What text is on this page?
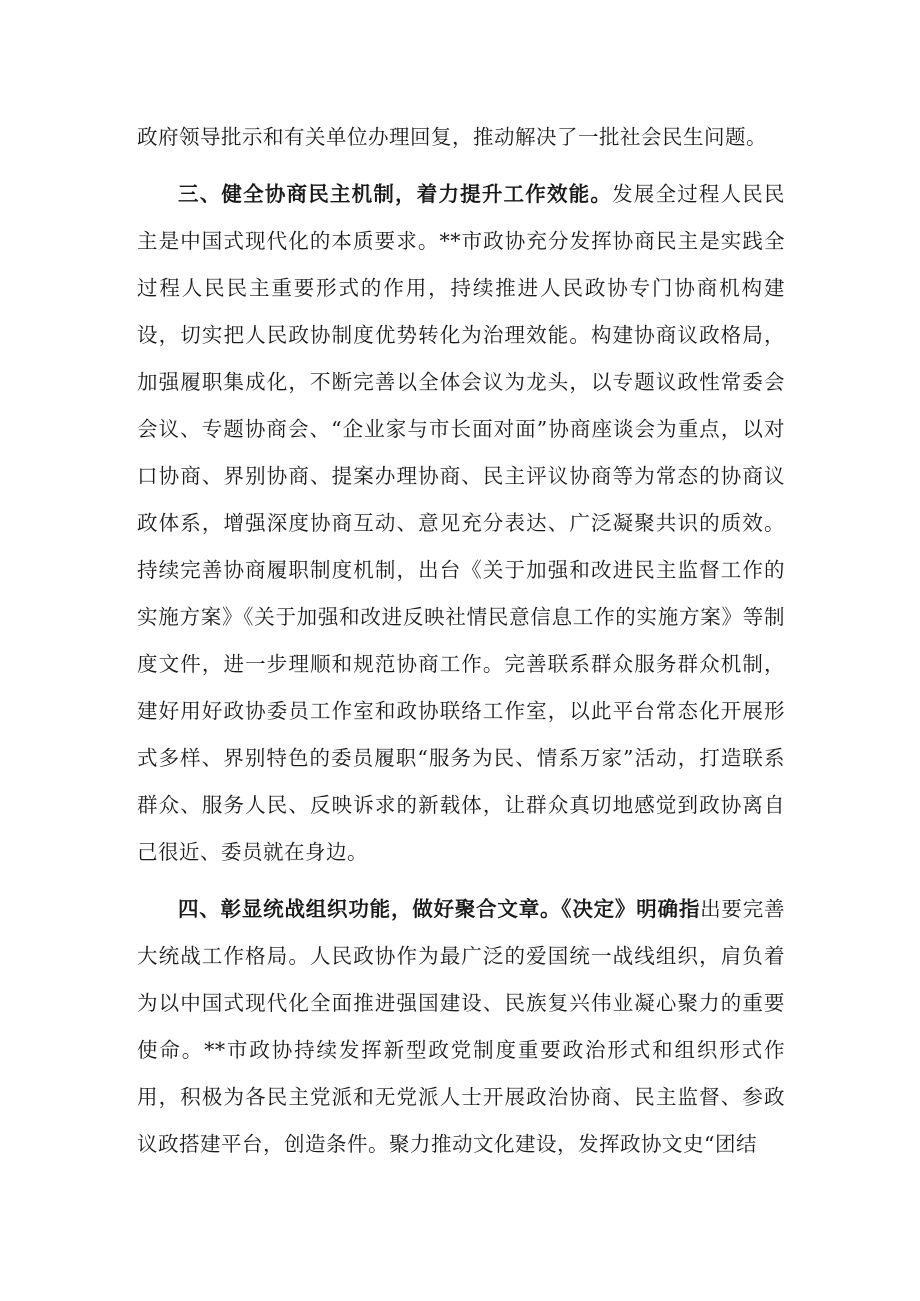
政府领导批示和有关单位办理回复，推动解决了一批社会民生问题。

三、健全协商民主机制，着力提升工作效能。发展全过程人民民主是中国式现代化的本质要求。**市政协充分发挥协商民主是实践全过程人民民主重要形式的作用，持续推进人民政协专门协商机构建设，切实把人民政协制度优势转化为治理效能。构建协商议政格局，加强履职集成化，不断完善以全体会议为龙头，以专题议政性常委会会议、专题协商会、“企业家与市长面对面”协商座谈会为重点，以对口协商、界别协商、提案办理协商、民主评议协商等为常态的协商议政体系，增强深度协商互动、意见充分表达、广泛凝聚共识的质效。持续完善协商履职制度机制，出台《关于加强和改进民主监督工作的实施方案》《关于加强和改进反映社情民意信息工作的实施方案》等制度文件，进一步理顺和规范协商工作。完善联系群众服务群众机制，建好用好政协委员工作室和政协联络工作室，以此平台常态化开展形式多样、界别特色的委员履职“服务为民、情系万家”活动，打造联系群众、服务人民、反映诉求的新载体，让群众真切地感觉到政协离自己很近、委员就在身边。

四、彰显统战组织功能，做好聚合文章。《决定》明确指出要完善大统战工作格局。人民政协作为最广泛的爱国统一战线组织，肩负着为以中国式现代化全面推进强国建设、民族复兴伟业凝心聚力的重要使命。**市政协持续发挥新型政党制度重要政治形式和组织形式作用，积极为各民主党派和无党派人士开展政治协商、民主监督、参政议政搭建平台，创造条件。聚力推动文化建设，发挥政协文史“团结
